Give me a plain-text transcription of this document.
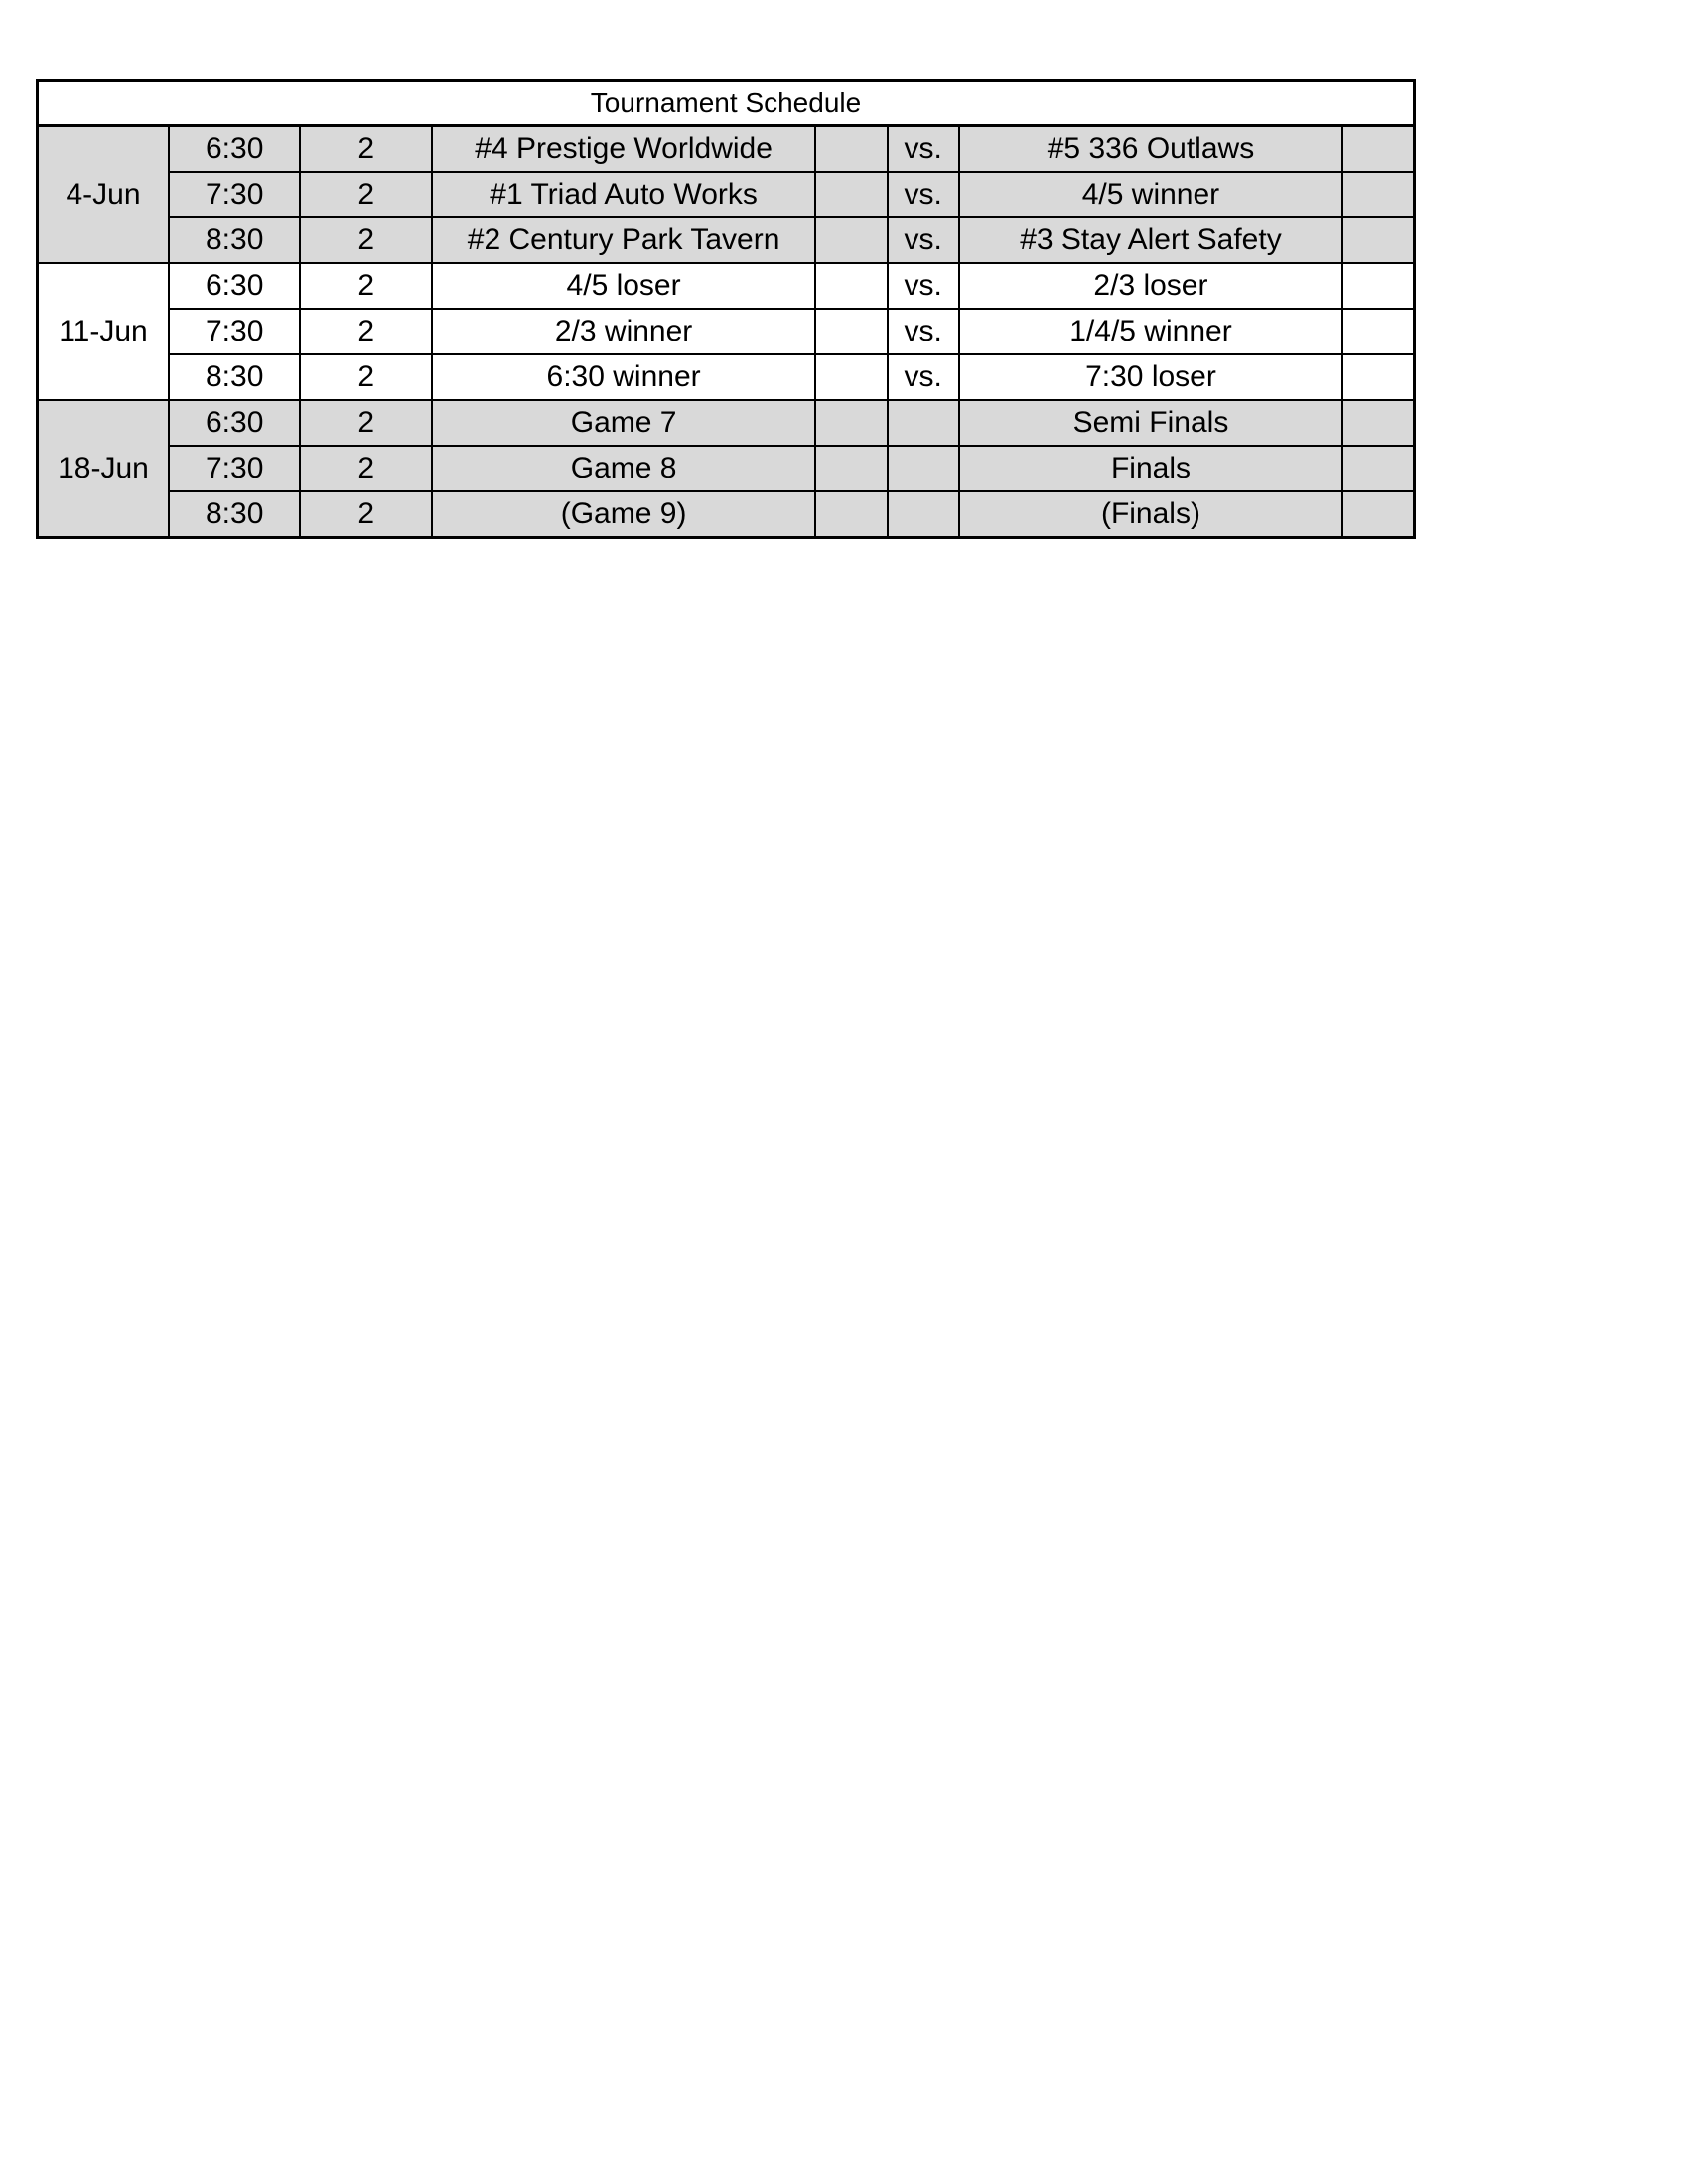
Tournament Schedule							
4-Jun	6:30	2	#4 Prestige Worldwide		vs.	#5 336 Outlaws	
	7:30	2	#1 Triad Auto Works		vs.	4/5 winner	
	8:30	2	#2 Century Park Tavern		vs.	#3 Stay Alert Safety	
11-Jun	6:30	2	4/5 loser		vs.	2/3 loser	
	7:30	2	2/3 winner		vs.	1/4/5 winner	
	8:30	2	6:30 winner		vs.	7:30 loser	
18-Jun	6:30	2	Game 7			Semi Finals	
	7:30	2	Game 8			Finals	
	8:30	2	(Game 9)			(Finals)	
